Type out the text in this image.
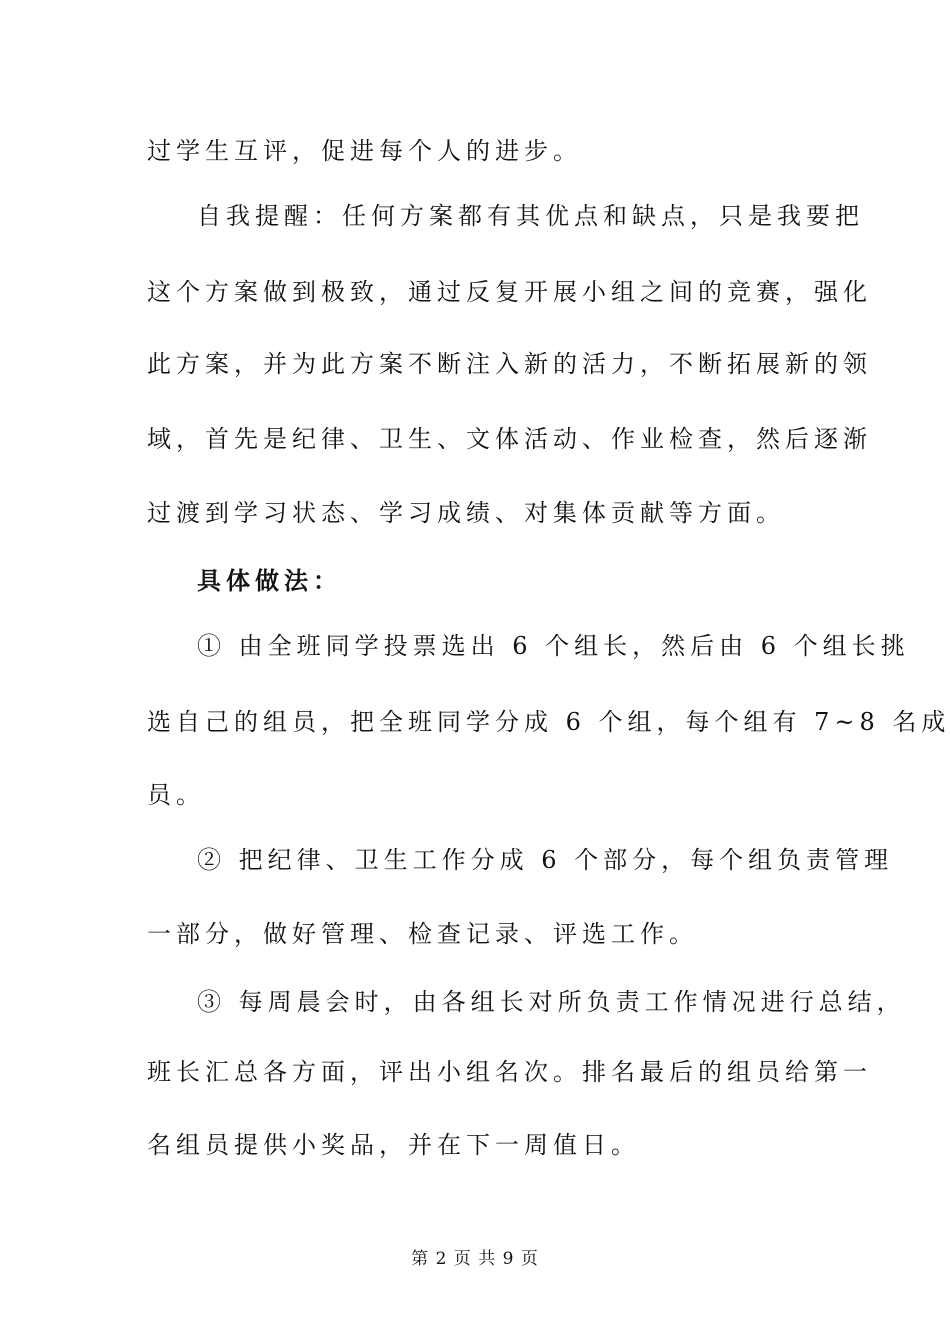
过学生互评，促进每个人的进步。
自我提醒：任何方案都有其优点和缺点，只是我要把
这个方案做到极致，通过反复开展小组之间的竞赛，强化
此方案，并为此方案不断注入新的活力，不断拓展新的领
域，首先是纪律、卫生、文体活动、作业检查，然后逐渐
过渡到学习状态、学习成绩、对集体贡献等方面。
具体做法：
① 由全班同学投票选出 6 个组长，然后由 6 个组长挑
选自己的组员，把全班同学分成 6 个组，每个组有 7~8 名成
员。
② 把纪律、卫生工作分成 6 个部分，每个组负责管理
一部分，做好管理、检查记录、评选工作。
③ 每周晨会时，由各组长对所负责工作情况进行总结，
班长汇总各方面，评出小组名次。排名最后的组员给第一
名组员提供小奖品，并在下一周值日。
第 2 页 共 9 页
